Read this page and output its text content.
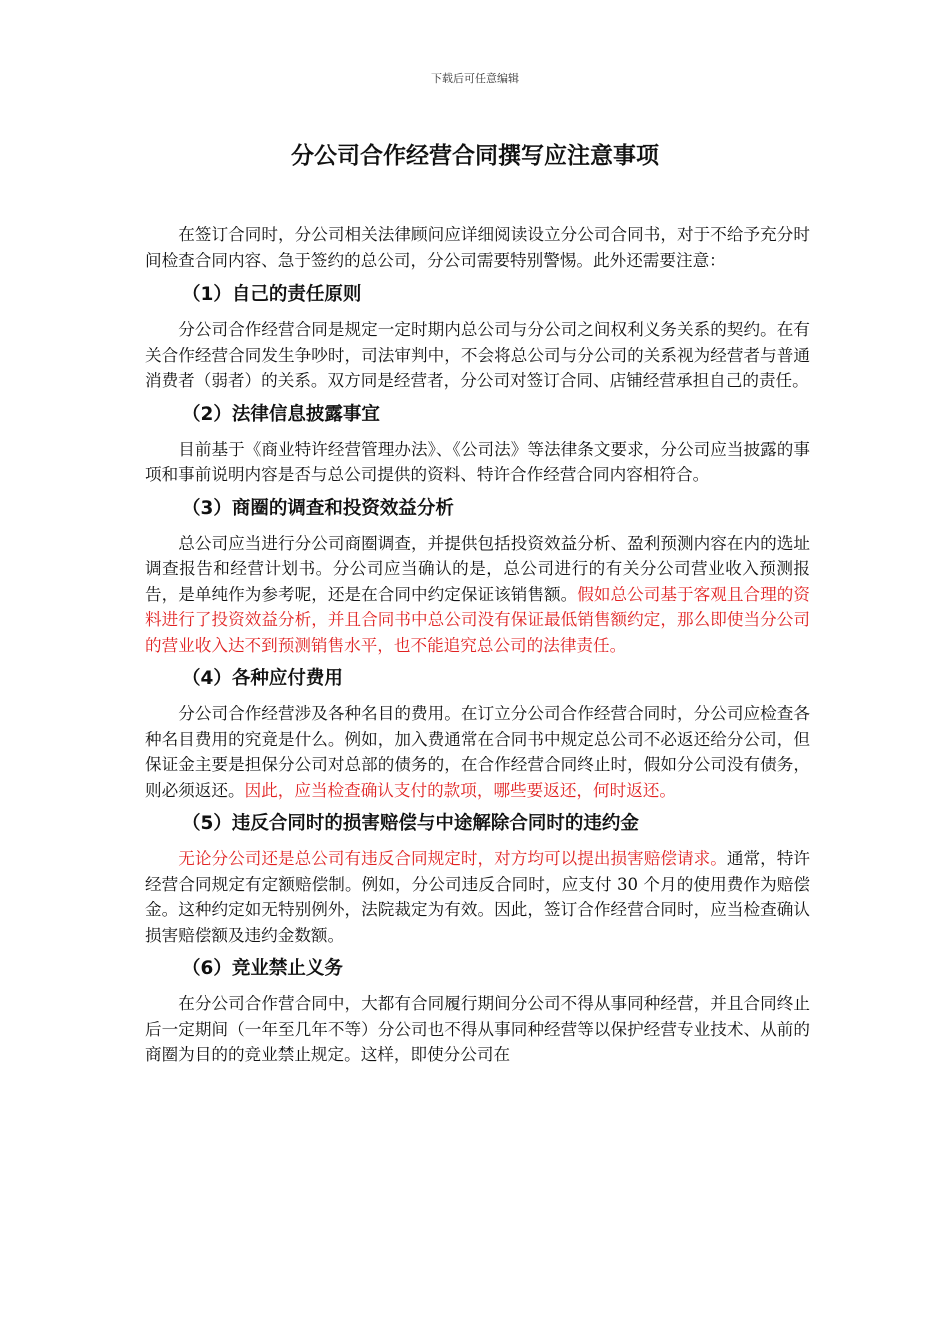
下载后可任意编辑
分公司合作经营合同撰写应注意事项

在签订合同时，分公司相关法律顾问应详细阅读设立分公司合同书，对于不给予充分时间检查合同内容、急于签约的总公司，分公司需要特别警惕。此外还需要注意：

（1）自己的责任原则

分公司合作经营合同是规定一定时期内总公司与分公司之间权利义务关系的契约。在有关合作经营合同发生争吵时，司法审判中，不会将总公司与分公司的关系视为经营者与普通消费者（弱者）的关系。双方同是经营者，分公司对签订合同、店铺经营承担自己的责任。

（2）法律信息披露事宜

目前基于《商业特许经营管理办法》、《公司法》等法律条文要求，分公司应当披露的事项和事前说明内容是否与总公司提供的资料、特许合作经营合同内容相符合。

（3）商圈的调查和投资效益分析

总公司应当进行分公司商圈调查，并提供包括投资效益分析、盈利预测内容在内的选址调查报告和经营计划书。分公司应当确认的是，总公司进行的有关分公司营业收入预测报告，是单纯作为参考呢，还是在合同中约定保证该销售额。假如总公司基于客观且合理的资料进行了投资效益分析，并且合同书中总公司没有保证最低销售额约定，那么即使当分公司的营业收入达不到预测销售水平，也不能追究总公司的法律责任。

（4）各种应付费用

分公司合作经营涉及各种名目的费用。在订立分公司合作经营合同时，分公司应检查各种名目费用的究竟是什么。例如，加入费通常在合同书中规定总公司不必返还给分公司，但保证金主要是担保分公司对总部的债务的，在合作经营合同终止时，假如分公司没有债务，则必须返还。因此，应当检查确认支付的款项，哪些要返还，何时返还。

（5）违反合同时的损害赔偿与中途解除合同时的违约金

无论分公司还是总公司有违反合同规定时，对方均可以提出损害赔偿请求。通常，特许经营合同规定有定额赔偿制。例如，分公司违反合同时，应支付 30 个月的使用费作为赔偿金。这种约定如无特别例外，法院裁定为有效。因此，签订合作经营合同时，应当检查确认损害赔偿额及违约金数额。

（6）竞业禁止义务

在分公司合作营合同中，大都有合同履行期间分公司不得从事同种经营，并且合同终止后一定期间（一年至几年不等）分公司也不得从事同种经营等以保护经营专业技术、从前的商圈为目的的竞业禁止规定。这样，即使分公司在
